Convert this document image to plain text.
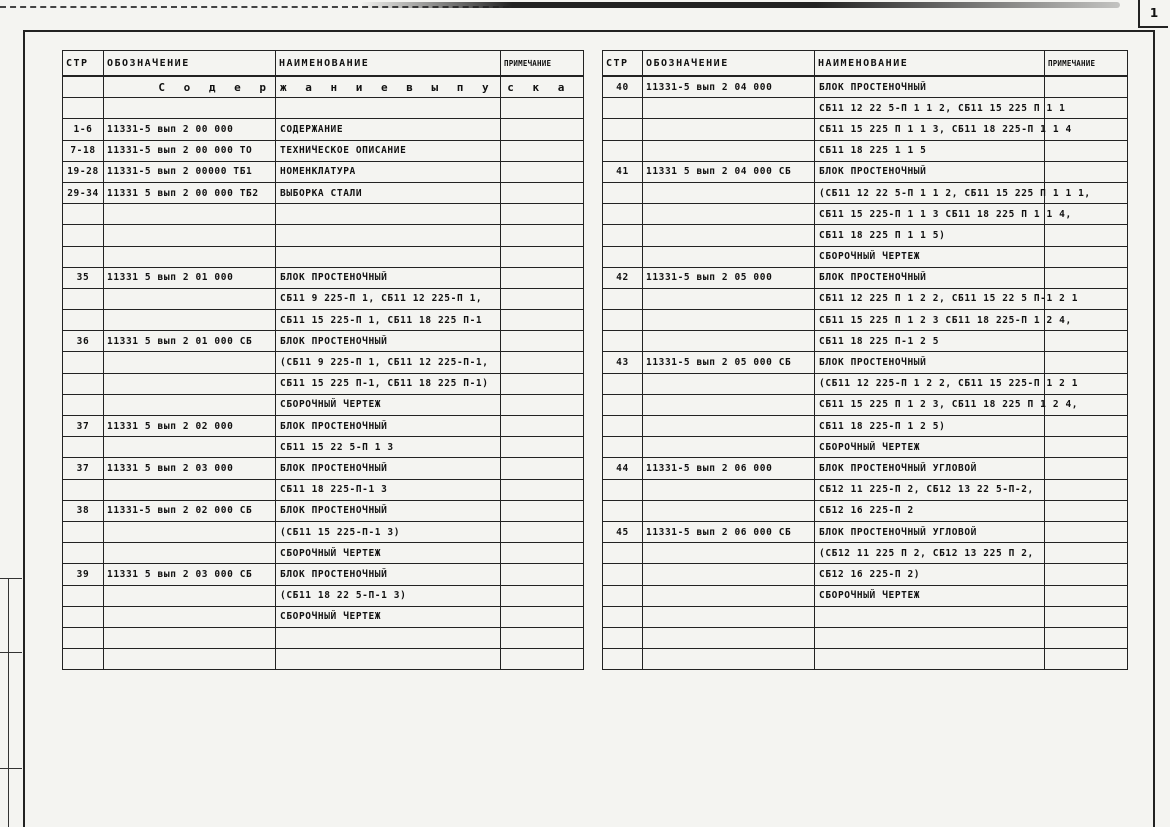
1
СТР	ОБОЗНАЧЕНИЕ	НАИМЕНОВАНИЕ	ПРИМЕЧАНИЕ
	С о д е р	ж а н и е в ы п у с к а	

1-6	11331-5 вып 2 00 000	СОДЕРЖАНИЕ	
7-18	11331-5 вып 2 00 000 ТО	ТЕХНИЧЕСКОЕ ОПИСАНИЕ	
19-28	11331-5 вып 2 00000 ТБ1	НОМЕНКЛАТУРА	
29-34	11331 5 вып 2 00 000 ТБ2	ВЫБОРКА СТАЛИ	

35	11331 5 вып 2 01 000	БЛОК ПРОСТЕНОЧНЫЙ	
		СБ11 9 225-П 1, СБ11 12 225-П 1,	
		СБ11 15 225-П 1, СБ11 18 225 П-1	
36	11331 5 вып 2 01 000 СБ	БЛОК ПРОСТЕНОЧНЫЙ	
		(СБ11 9 225-П 1, СБ11 12 225-П-1,	
		СБ11 15 225 П-1, СБ11 18 225 П-1)	
		СБОРОЧНЫЙ ЧЕРТЕЖ	
37	11331 5 вып 2 02 000	БЛОК ПРОСТЕНОЧНЫЙ	
		СБ11 15 22 5-П 1 3	
37	11331 5 вып 2 03 000	БЛОК ПРОСТЕНОЧНЫЙ	
		СБ11 18 225-П-1 3	
38	11331-5 вып 2 02 000 СБ	БЛОК ПРОСТЕНОЧНЫЙ	
		(СБ11 15 225-П-1 3)	
		СБОРОЧНЫЙ ЧЕРТЕЖ	
39	11331 5 вып 2 03 000 СБ	БЛОК ПРОСТЕНОЧНЫЙ	
		(СБ11 18 22 5-П-1 3)	
		СБОРОЧНЫЙ ЧЕРТЕЖ	

СТР	ОБОЗНАЧЕНИЕ	НАИМЕНОВАНИЕ	ПРИМЕЧАНИЕ
40	11331-5 вып 2 04 000	БЛОК ПРОСТЕНОЧНЫЙ	
		СБ11 12 22 5-П 1 1 2, СБ11 15 225 П 1 1	
		СБ11 15 225 П 1 1 3, СБ11 18 225-П 1 1 4	
		СБ11 18 225 1 1 5	
41	11331 5 вып 2 04 000 СБ	БЛОК ПРОСТЕНОЧНЫЙ	
		(СБ11 12 22 5-П 1 1 2, СБ11 15 225 П 1 1 1,	
		СБ11 15 225-П 1 1 3 СБ11 18 225 П 1 1 4,	
		СБ11 18 225 П 1 1 5)	
		СБОРОЧНЫЙ ЧЕРТЕЖ	
42	11331-5 вып 2 05 000	БЛОК ПРОСТЕНОЧНЫЙ	
		СБ11 12 225 П 1 2 2, СБ11 15 22 5 П-1 2 1	
		СБ11 15 225 П 1 2 3 СБ11 18 225-П 1 2 4,	
		СБ11 18 225 П-1 2 5	
43	11331-5 вып 2 05 000 СБ	БЛОК ПРОСТЕНОЧНЫЙ	
		(СБ11 12 225-П 1 2 2, СБ11 15 225-П 1 2 1	
		СБ11 15 225 П 1 2 3, СБ11 18 225 П 1 2 4,	
		СБ11 18 225-П 1 2 5)	
		СБОРОЧНЫЙ ЧЕРТЕЖ	
44	11331-5 вып 2 06 000	БЛОК ПРОСТЕНОЧНЫЙ УГЛОВОЙ	
		СБ12 11 225-П 2, СБ12 13 22 5-П-2,	
		СБ12 16 225-П 2	
45	11331-5 вып 2 06 000 СБ	БЛОК ПРОСТЕНОЧНЫЙ УГЛОВОЙ	
		(СБ12 11 225 П 2, СБ12 13 225 П 2,	
		СБ12 16 225-П 2)	
		СБОРОЧНЫЙ ЧЕРТЕЖ	
